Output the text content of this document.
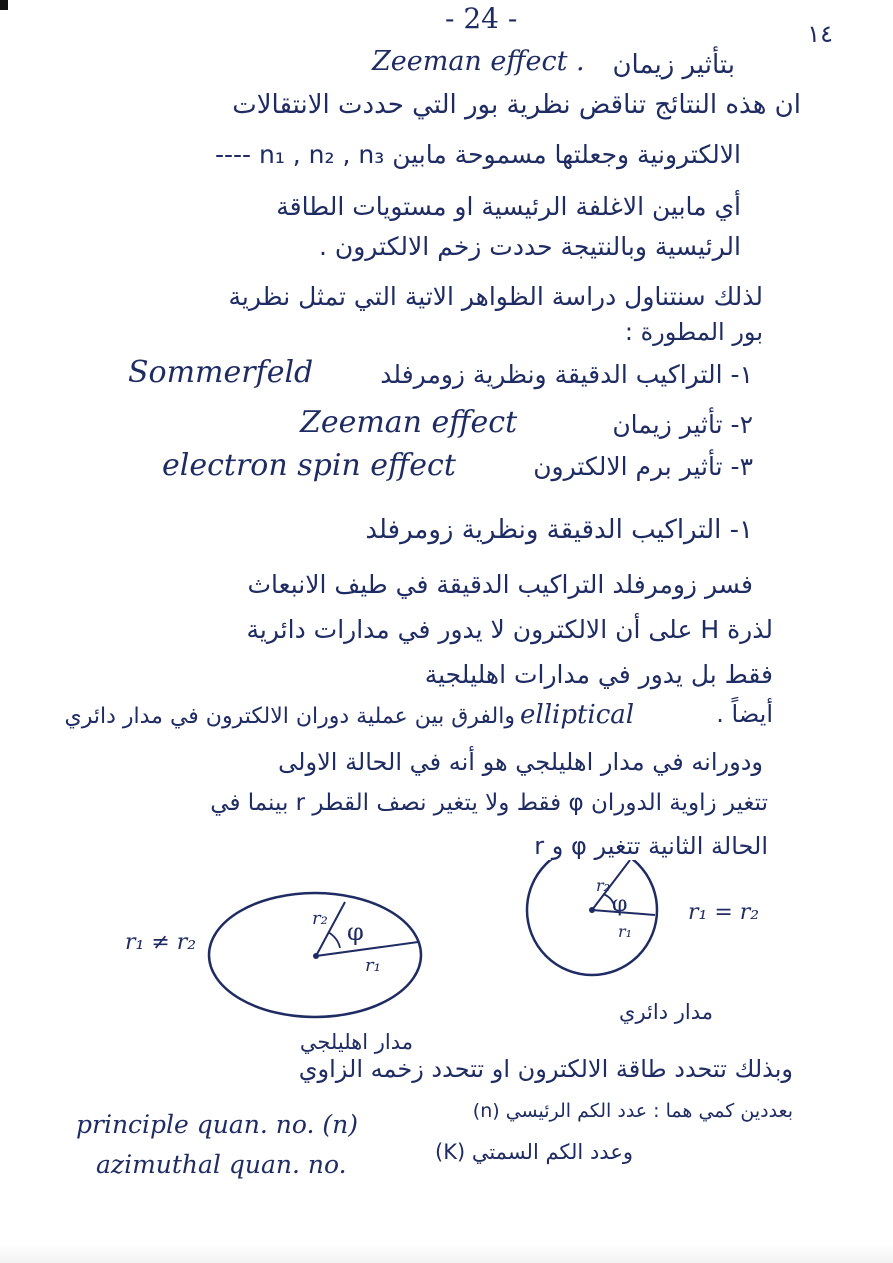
- 24 -	١٤
Zeeman effect . بتأثير زيمان
ان هذه النتائج تناقض نظرية بور التي حددت الانتقالات
الالكترونية وجعلتها مسموحة مابين n₁ , n₂ , n₃ ----
أي مابين الاغلفة الرئيسية او مستويات الطاقة
الرئيسية وبالنتيجة حددت زخم الالكترون .
لذلك سنتناول دراسة الظواهر الاتية التي تمثل نظرية
بور المطورة :
Sommerfeld	١- التراكيب الدقيقة ونظرية زومرفلد
Zeeman effect	٢- تأثير زيمان
electron spin effect	٣- تأثير برم الالكترون
١- التراكيب الدقيقة ونظرية زومرفلد
فسر زومرفلد التراكيب الدقيقة في طيف الانبعاث
لذرة H على أن الالكترون لا يدور في مدارات دائرية
فقط بل يدور في مدارات اهليلجية
elliptical	أيضاً .
والفرق بين عملية دوران الالكترون في مدار دائري
ودورانه في مدار اهليلجي هو أنه في الحالة الاولى
تتغير زاوية الدوران φ فقط ولا يتغير نصف القطر r بينما في
الحالة الثانية تتغير φ و r
r₁ ≠ r₂
r₂ φ
r₁
مدار اهليلجي
r₁ = r₂
r₂
φ
r₁
مدار دائري
وبذلك تتحدد طاقة الالكترون او تتحدد زخمه الزاوي
principle quan. no. (n)	بعددين كمي هما : عدد الكم الرئيسي (n)
azimuthal quan. no.	وعدد الكم السمتي (K)
